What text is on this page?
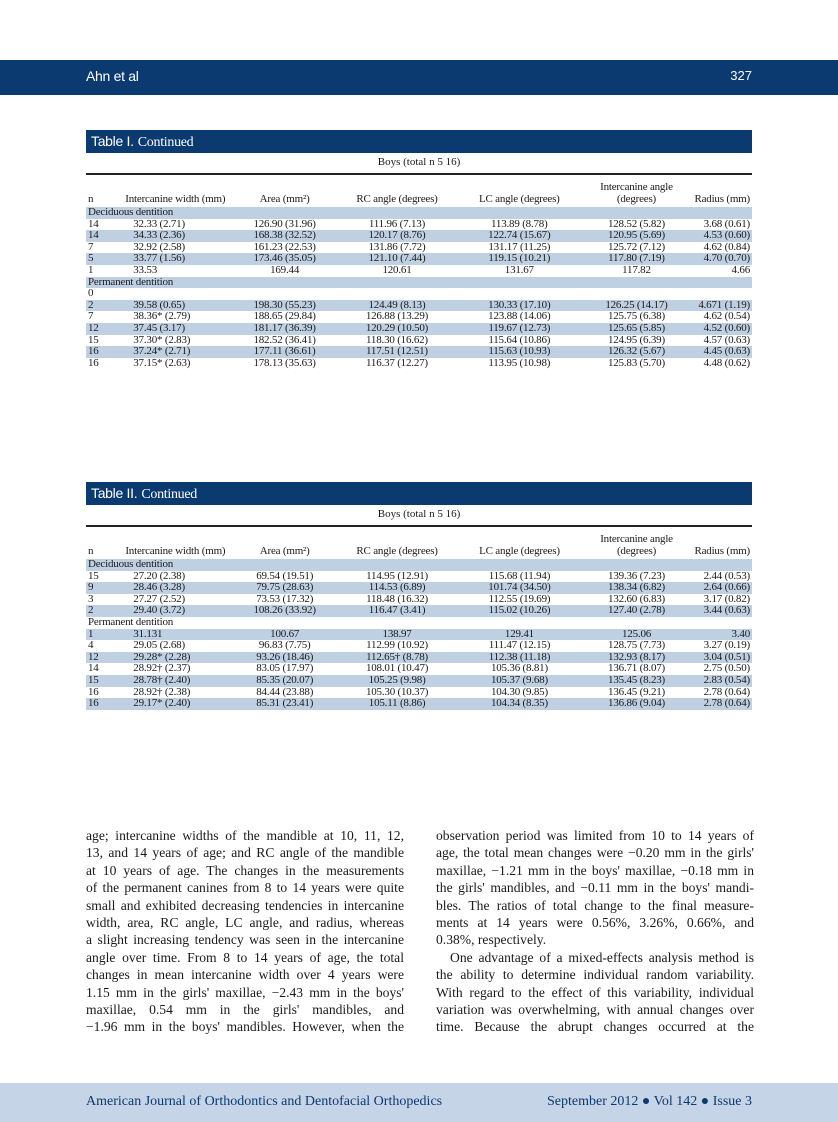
Ahn et al	327
Table I. Continued
Boys (total n 5 16)
n	Intercanine width (mm)	Area (mm²)	RC angle (degrees)	LC angle (degrees)	Intercanine angle (degrees)	Radius (mm)
Deciduous dentition						
14	32.33 (2.71)	126.90 (31.96)	111.96 (7.13)	113.89 (8.78)	128.52 (5.82)	3.68 (0.61)
14	34.33 (2.36)	168.38 (32.52)	120.17 (8.76)	122.74 (15.67)	120.95 (5.69)	4.53 (0.60)
7	32.92 (2.58)	161.23 (22.53)	131.86 (7.72)	131.17 (11.25)	125.72 (7.12)	4.62 (0.84)
5	33.77 (1.56)	173.46 (35.05)	121.10 (7.44)	119.15 (10.21)	117.80 (7.19)	4.70 (0.70)
1	33.53	169.44	120.61	131.67	117.82	4.66
Permanent dentition						
0						
2	39.58 (0.65)	198.30 (55.23)	124.49 (8.13)	130.33 (17.10)	126.25 (14.17)	4.671 (1.19)
7	38.36* (2.79)	188.65 (29.84)	126.88 (13.29)	123.88 (14.06)	125.75 (6.38)	4.62 (0.54)
12	37.45 (3.17)	181.17 (36.39)	120.29 (10.50)	119.67 (12.73)	125.65 (5.85)	4.52 (0.60)
15	37.30* (2.83)	182.52 (36.41)	118.30 (16.62)	115.64 (10.86)	124.95 (6.39)	4.57 (0.63)
16	37.24* (2.71)	177.11 (36.61)	117.51 (12.51)	115.63 (10.93)	126.32 (5.67)	4.45 (0.63)
16	37.15* (2.63)	178.13 (35.63)	116.37 (12.27)	113.95 (10.98)	125.83 (5.70)	4.48 (0.62)
Table II. Continued
Boys (total n 5 16)
n	Intercanine width (mm)	Area (mm²)	RC angle (degrees)	LC angle (degrees)	Intercanine angle (degrees)	Radius (mm)
Deciduous dentition						
15	27.20 (2.38)	69.54 (19.51)	114.95 (12.91)	115.68 (11.94)	139.36 (7.23)	2.44 (0.53)
9	28.46 (3.28)	79.75 (28.63)	114.53 (6.89)	101.74 (34.50)	138.34 (6.82)	2.64 (0.66)
3	27.27 (2.52)	73.53 (17.32)	118.48 (16.32)	112.55 (19.69)	132.60 (6.83)	3.17 (0.82)
2	29.40 (3.72)	108.26 (33.92)	116.47 (3.41)	115.02 (10.26)	127.40 (2.78)	3.44 (0.63)
Permanent dentition						
1	31.131	100.67	138.97	129.41	125.06	3.40
4	29.05 (2.68)	96.83 (7.75)	112.99 (10.92)	111.47 (12.15)	128.75 (7.73)	3.27 (0.19)
12	29.28* (2.28)	93.26 (18.46)	112.65† (8.78)	112.38 (11.18)	132.93 (8.17)	3.04 (0.51)
14	28.92† (2.37)	83.05 (17.97)	108.01 (10.47)	105.36 (8.81)	136.71 (8.07)	2.75 (0.50)
15	28.78† (2.40)	85.35 (20.07)	105.25 (9.98)	105.37 (9.68)	135.45 (8.23)	2.83 (0.54)
16	28.92† (2.38)	84.44 (23.88)	105.30 (10.37)	104.30 (9.85)	136.45 (9.21)	2.78 (0.64)
16	29.17* (2.40)	85.31 (23.41)	105.11 (8.86)	104.34 (8.35)	136.86 (9.04)	2.78 (0.64)
age; intercanine widths of the mandible at 10, 11, 12,
13, and 14 years of age; and RC angle of the mandible
at 10 years of age. The changes in the measurements
of the permanent canines from 8 to 14 years were quite
small and exhibited decreasing tendencies in intercanine
width, area, RC angle, LC angle, and radius, whereas
a slight increasing tendency was seen in the intercanine
angle over time. From 8 to 14 years of age, the total
changes in mean intercanine width over 4 years were
1.15 mm in the girls' maxillae, −2.43 mm in the boys'
maxillae, 0.54 mm in the girls' mandibles, and
−1.96 mm in the boys' mandibles. However, when the
observation period was limited from 10 to 14 years of
age, the total mean changes were −0.20 mm in the girls'
maxillae, −1.21 mm in the boys' maxillae, −0.18 mm in
the girls' mandibles, and −0.11 mm in the boys' mandi-
bles. The ratios of total change to the final measure-
ments at 14 years were 0.56%, 3.26%, 0.66%, and
0.38%, respectively.
One advantage of a mixed-effects analysis method is
the ability to determine individual random variability.
With regard to the effect of this variability, individual
variation was overwhelming, with annual changes over
time. Because the abrupt changes occurred at the
American Journal of Orthodontics and Dentofacial Orthopedics	September 2012 ● Vol 142 ● Issue 3
